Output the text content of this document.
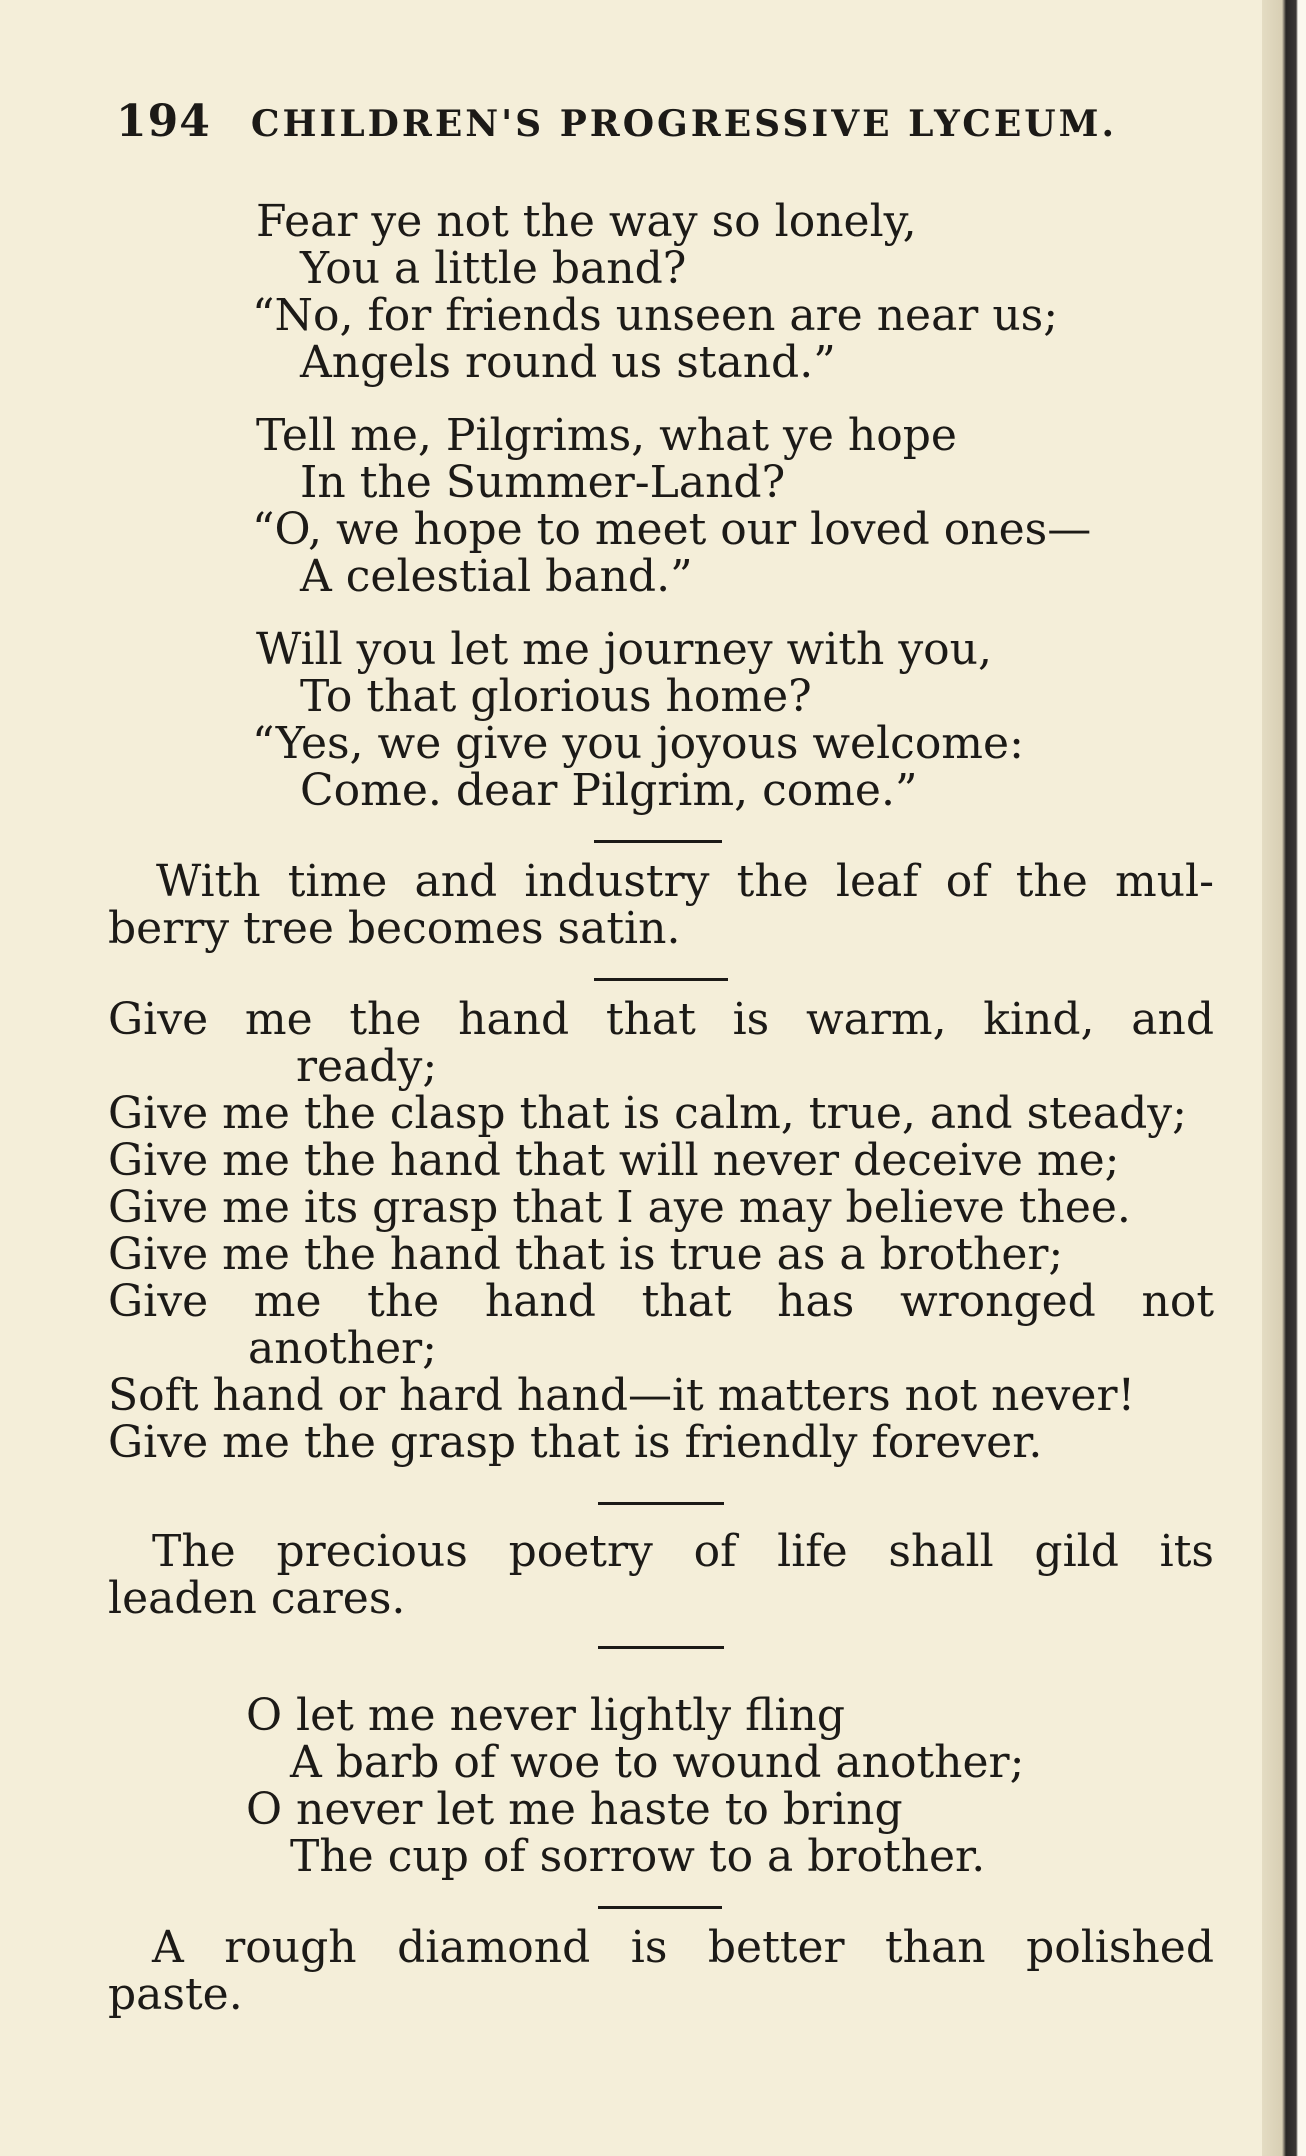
194 CHILDREN'S PROGRESSIVE LYCEUM.
Fear ye not the way so lonely,
You a little band?
“No, for friends unseen are near us;
Angels round us stand.”
Tell me, Pilgrims, what ye hope
In the Summer-Land?
“O, we hope to meet our loved ones—
A celestial band.”
Will you let me journey with you,
To that glorious home?
“Yes, we give you joyous welcome:
Come. dear Pilgrim, come.”
With time and industry the leaf of the mul-
berry tree becomes satin.
Give me the hand that is warm, kind, and
ready;
Give me the clasp that is calm, true, and steady;
Give me the hand that will never deceive me;
Give me its grasp that I aye may believe thee.
Give me the hand that is true as a brother;
Give me the hand that has wronged not
another;
Soft hand or hard hand—it matters not never!
Give me the grasp that is friendly forever.
The precious poetry of life shall gild its
leaden cares.
O let me never lightly fling
A barb of woe to wound another;
O never let me haste to bring
The cup of sorrow to a brother.
A rough diamond is better than polished
paste.
